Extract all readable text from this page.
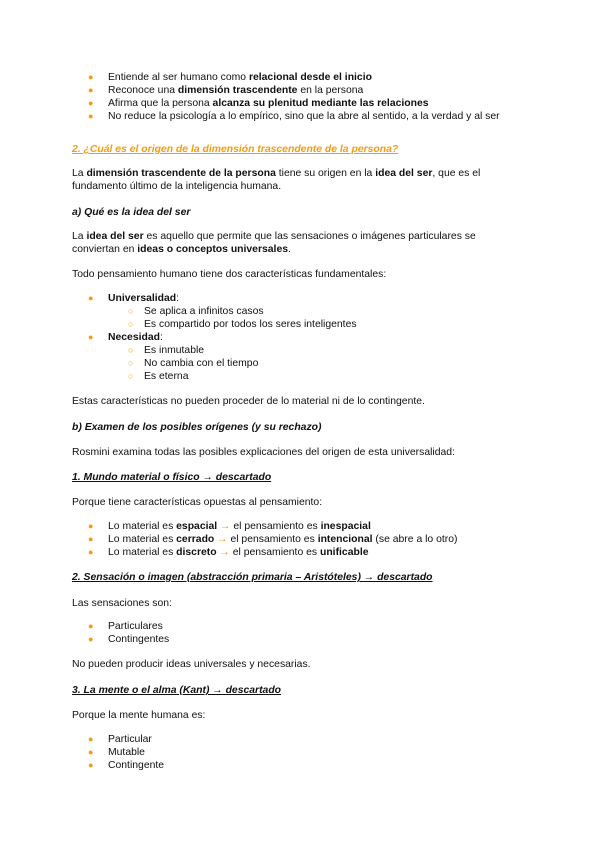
● Entiende al ser humano como relacional desde el inicio
● Reconoce una dimensión trascendente en la persona
● Afirma que la persona alcanza su plenitud mediante las relaciones
● No reduce la psicología a lo empírico, sino que la abre al sentido, a la verdad y al ser
2. ¿Cuál es el origen de la dimensión trascendente de la persona?
La dimensión trascendente de la persona tiene su origen en la idea del ser, que es el
fundamento último de la inteligencia humana.
a) Qué es la idea del ser
La idea del ser es aquello que permite que las sensaciones o imágenes particulares se
conviertan en ideas o conceptos universales.
Todo pensamiento humano tiene dos características fundamentales:
● Universalidad:
○ Se aplica a infinitos casos
○ Es compartido por todos los seres inteligentes
● Necesidad:
○ Es inmutable
○ No cambia con el tiempo
○ Es eterna
Estas características no pueden proceder de lo material ni de lo contingente.
b) Examen de los posibles orígenes (y su rechazo)
Rosmini examina todas las posibles explicaciones del origen de esta universalidad:
1. Mundo material o físico → descartado
Porque tiene características opuestas al pensamiento:
● Lo material es espacial → el pensamiento es inespacial
● Lo material es cerrado → el pensamiento es intencional (se abre a lo otro)
● Lo material es discreto → el pensamiento es unificable
2. Sensación o imagen (abstracción primaria – Aristóteles) → descartado
Las sensaciones son:
● Particulares
● Contingentes
No pueden producir ideas universales y necesarias.
3. La mente o el alma (Kant) → descartado
Porque la mente humana es:
● Particular
● Mutable
● Contingente
